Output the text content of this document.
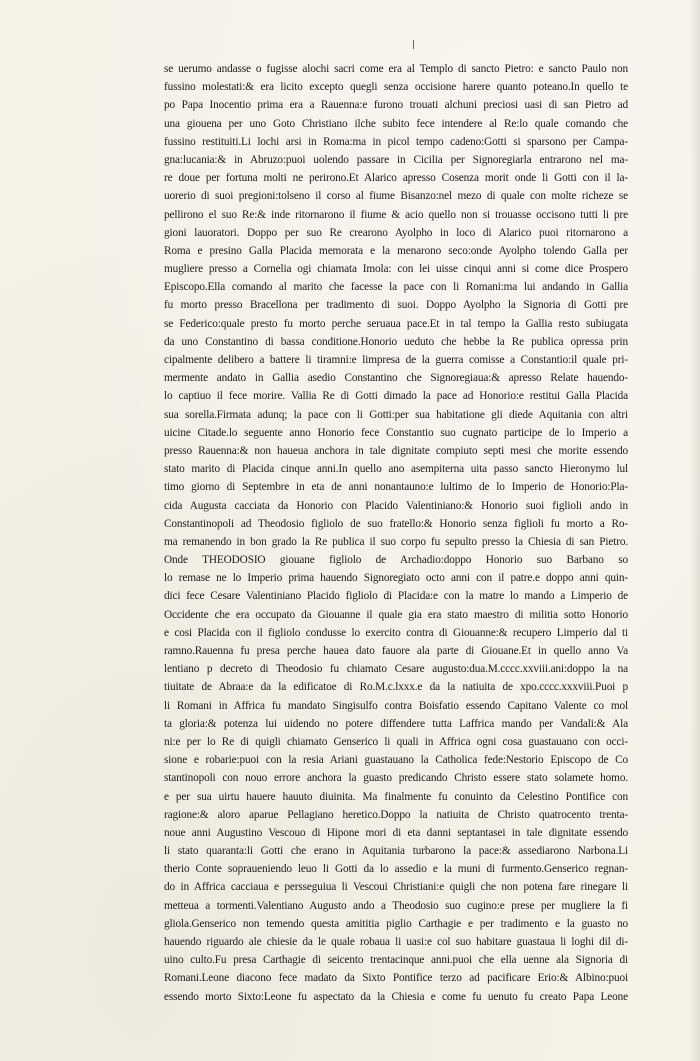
se uerumo andasse o fugisse alochi sacri come era al Templo di sancto Pietro: e sancto Paulo non
fussino molestati:& era licito excepto quegli senza occisione harere quanto poteano.In quello te
po Papa Inocentio prima era a Rauenna:e furono trouati alchuni preciosi uasi di san Pietro ad
una giouena per uno Goto Christiano ilche subito fece intendere al Re:lo quale comando che
fussino restituiti.Li lochi arsi in Roma:ma in picol tempo cadeno:Gotti si sparsono per Campa-
gna:lucania:& in Abruzo:puoi uolendo passare in Cicilia per Signoregiarla entrarono nel ma-
re doue per fortuna molti ne perirono.Et Alarico apresso Cosenza morit onde li Gotti con il la-
uorerio di suoi pregioni:tolseno il corso al fiume Bisanzo:nel mezo di quale con molte richeze se
pellirono el suo Re:& inde ritornarono il fiume & acio quello non si trouasse occisono tutti li pre
gioni lauoratori. Doppo per suo Re crearono Ayolpho in loco di Alarico puoi ritornarono a
Roma e presino Galla Placida memorata e la menarono seco:onde Ayolpho tolendo Galla per
mugliere presso a Cornelia ogi chiamata Imola: con lei uisse cinqui anni si come dice Prospero
Episcopo.Ella comando al marito che facesse la pace con li Romani:ma lui andando in Gallia
fu morto presso Bracellona per tradimento di suoi. Doppo Ayolpho la Signoria di Gotti pre
se Federico:quale presto fu morto perche seruaua pace.Et in tal tempo la Gallia resto subiugata
da uno Constantino di bassa conditione.Honorio ueduto che hebbe la Re publica opressa prin
cipalmente delibero a battere li tiramni:e limpresa de la guerra comisse a Constantio:il quale pri-
mermente andato in Gallia asedio Constantino che Signoregiaua:& apresso Relate hauendo-
lo captiuo il fece morire. Vallia Re di Gotti dimado la pace ad Honorio:e restitui Galla Placida
sua sorella.Firmata adunq; la pace con li Gotti:per sua habitatione gli diede Aquitania con altri
uicine Citade.lo seguente anno Honorio fece Constantio suo cugnato participe de lo Imperio a
presso Rauenna:& non haueua anchora in tale dignitate compiuto septi mesi che morite essendo
stato marito di Placida cinque anni.In quello ano asempiterna uita passo sancto Hieronymo lul
timo giorno di Septembre in eta de anni nonantauno:e lultimo de lo Imperio de Honorio:Pla-
cida Augusta cacciata da Honorio con Placido Valentiniano:& Honorio suoi figlioli ando in
Constantinopoli ad Theodosio figliolo de suo fratello:& Honorio senza figlioli fu morto a Ro-
ma remanendo in bon grado la Re publica il suo corpo fu sepulto presso la Chiesia di san Pietro.
Onde THEODOSIO giouane figliolo de Archadio:doppo Honorio suo Barbano so
lo remase ne lo Imperio prima hauendo Signoregiato octo anni con il patre.e doppo anni quin-
dici fece Cesare Valentiniano Placido figliolo di Placida:e con la matre lo mando a Limperio de
Occidente che era occupato da Giouanne il quale gia era stato maestro di militia sotto Honorio
e cosi Placida con il figliolo condusse lo exercito contra di Giouanne:& recupero Limperio dal ti
ramno.Rauenna fu presa perche hauea dato fauore ala parte di Giouane.Et in quello anno Va
lentiano p decreto di Theodosio fu chiamato Cesare augusto:dua.M.cccc.xxviii.ani:doppo la na
tiuitate de Abraa:e da la edificatoe di Ro.M.c.lxxx.e da la natiuita de xpo.cccc.xxxviii.Puoi p
li Romani in Affrica fu mandato Singisulfo contra Boisfatio essendo Capitano Valente co mol
ta gloria:& potenza lui uidendo no potere diffendere tutta Laffrica mando per Vandali:& Ala
ni:e per lo Re di quigli chiamato Genserico li quali in Affrica ogni cosa guastauano con occi-
sione e robarie:puoi con la resia Ariani guastauano la Catholica fede:Nestorio Episcopo de Co
stantinopoli con nouo errore anchora la guasto predicando Christo essere stato solamete homo.
e per sua uirtu hauere hauuto diuinita. Ma finalmente fu conuinto da Celestino Pontifice con
ragione:& aloro aparue Pellagiano heretico.Doppo la natiuita de Christo quatrocento trenta-
noue anni Augustino Vescouo di Hipone mori di eta danni septantasei in tale dignitate essendo
li stato quaranta:li Gotti che erano in Aquitania turbarono la pace:& assediarono Narbona.Li
therio Conte sopraueniendo leuo li Gotti da lo assedio e la muni di furmento.Genserico regnan-
do in Affrica cacciaua e persseguiua li Vescoui Christiani:e quigli che non potena fare rinegare li
metteua a tormenti.Valentiano Augusto ando a Theodosio suo cugino:e prese per mugliere la fi
gliola.Genserico non temendo questa amititia piglio Carthagie e per tradimento e la guasto no
hauendo riguardo ale chiesie da le quale robaua li uasi:e col suo habitare guastaua li loghi dil di-
uino culto.Fu presa Carthagie di seicento trentacinque anni.puoi che ella uenne ala Signoria di
Romani.Leone diacono fece madato da Sixto Pontifice terzo ad pacificare Erio:& Albino:puoi
essendo morto Sixto:Leone fu aspectato da la Chiesia e come fu uenuto fu creato Papa Leone
